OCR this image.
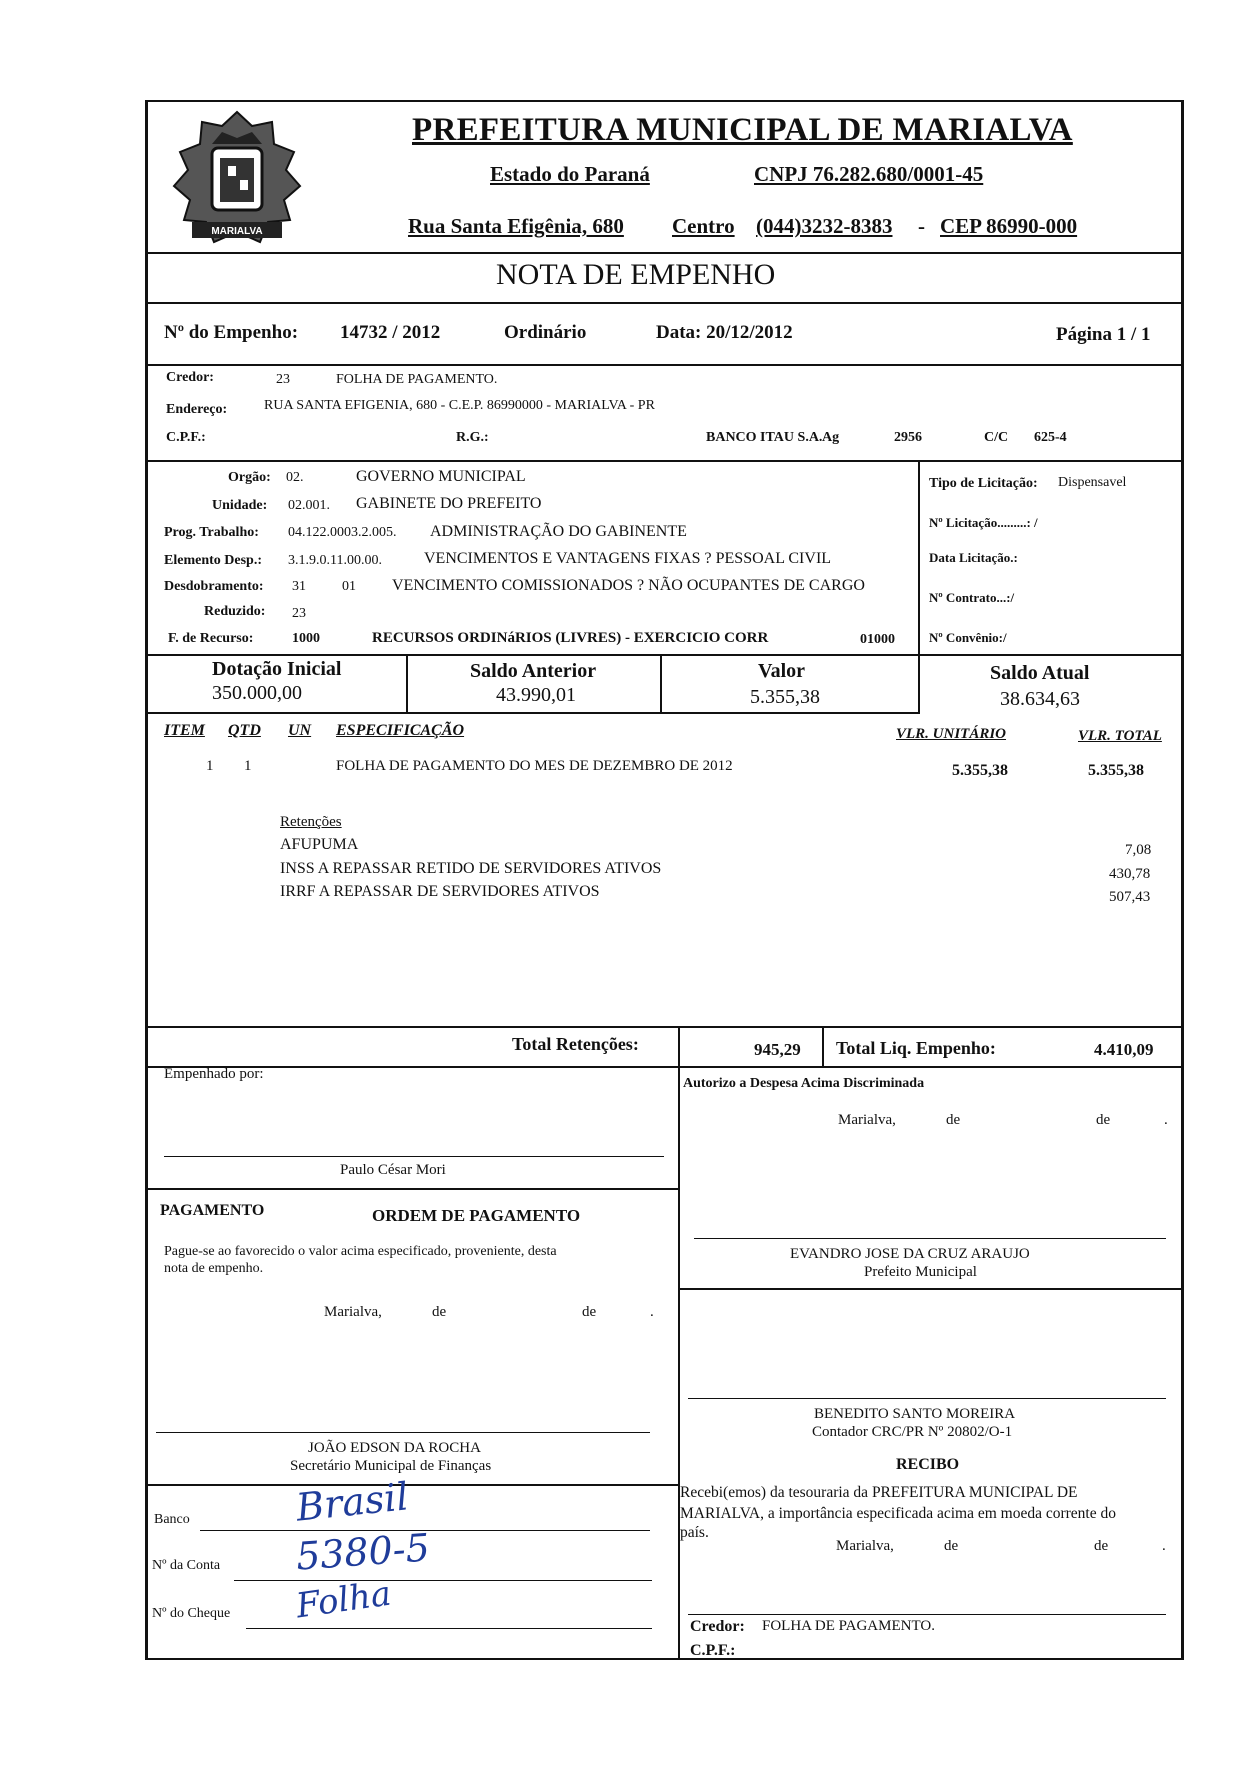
MARIALVA
PREFEITURA MUNICIPAL DE MARIALVA
Estado do Paraná	CNPJ 76.282.680/0001-45
Rua Santa Efigênia, 680 Centro (044)3232-8383 - CEP 86990-000
NOTA DE EMPENHO
Nº do Empenho: 14732 / 2012	Ordinário	Data: 20/12/2012	Página 1 / 1
Credor:	23	FOLHA DE PAGAMENTO.
Endereço:	RUA SANTA EFIGENIA, 680 - C.E.P. 86990000 - MARIALVA - PR
C.P.F.:	R.G.:	BANCO ITAU S.A. Ag	2956	C/C 625-4
Orgão: 02.	GOVERNO MUNICIPAL
Unidade: 02.001. GABINETE DO PREFEITO
Prog. Trabalho: 04.122.0003.2.005. ADMINISTRAÇÃO DO GABINENTE
Elemento Desp.: 3.1.9.0.11.00.00.	VENCIMENTOS E VANTAGENS FIXAS ? PESSOAL CIVIL
Desdobramento: 31	01 VENCIMENTO COMISSIONADOS ? NÃO OCUPANTES DE CARGO
Reduzido: 23
F. de Recurso:	1000	RECURSOS ORDINáRIOS (LIVRES) - EXERCICIO CORR	01000
Tipo de Licitação: Dispensavel
Nº Licitação.........: /
Data Licitação.:
Nº Contrato...:/
Nº Convênio:/
Dotação Inicial
350.000,00
Saldo Anterior
43.990,01
Valor
5.355,38
Saldo Atual
38.634,63
ITEM QTD UN ESPECIFICAÇÃO	VLR. UNITÁRIO	VLR. TOTAL
1 1	FOLHA DE PAGAMENTO DO MES DE DEZEMBRO DE 2012	5.355,38	5.355,38
Retenções
AFUPUMA	7,08
INSS A REPASSAR RETIDO DE SERVIDORES ATIVOS	430,78
IRRF A REPASSAR DE SERVIDORES ATIVOS	507,43
Total Retenções:	945,29 Total Liq. Empenho:	4.410,09
Empenhado por:
Paulo César Mori
Autorizo a Despesa Acima Discriminada
Marialva,	de	de	.
PAGAMENTO	ORDEM DE PAGAMENTO
Pague-se ao favorecido o valor acima especificado, proveniente, desta
nota de empenho.
Marialva,	de	de	.
EVANDRO JOSE DA CRUZ ARAUJO
Prefeito Municipal
BENEDITO SANTO MOREIRA
Contador CRC/PR Nº 20802/O-1
JOÃO EDSON DA ROCHA
Secretário Municipal de Finanças	RECIBO
Recebi(emos) da tesouraria da PREFEITURA MUNICIPAL DE
MARIALVA, a importância especificada acima em moeda corrente do
país.
Marialva,	de	de	.
Credor: FOLHA DE PAGAMENTO.
C.P.F.:
Banco	Brasil
Nº da Conta 5380-5
Nº do Cheque Folha
